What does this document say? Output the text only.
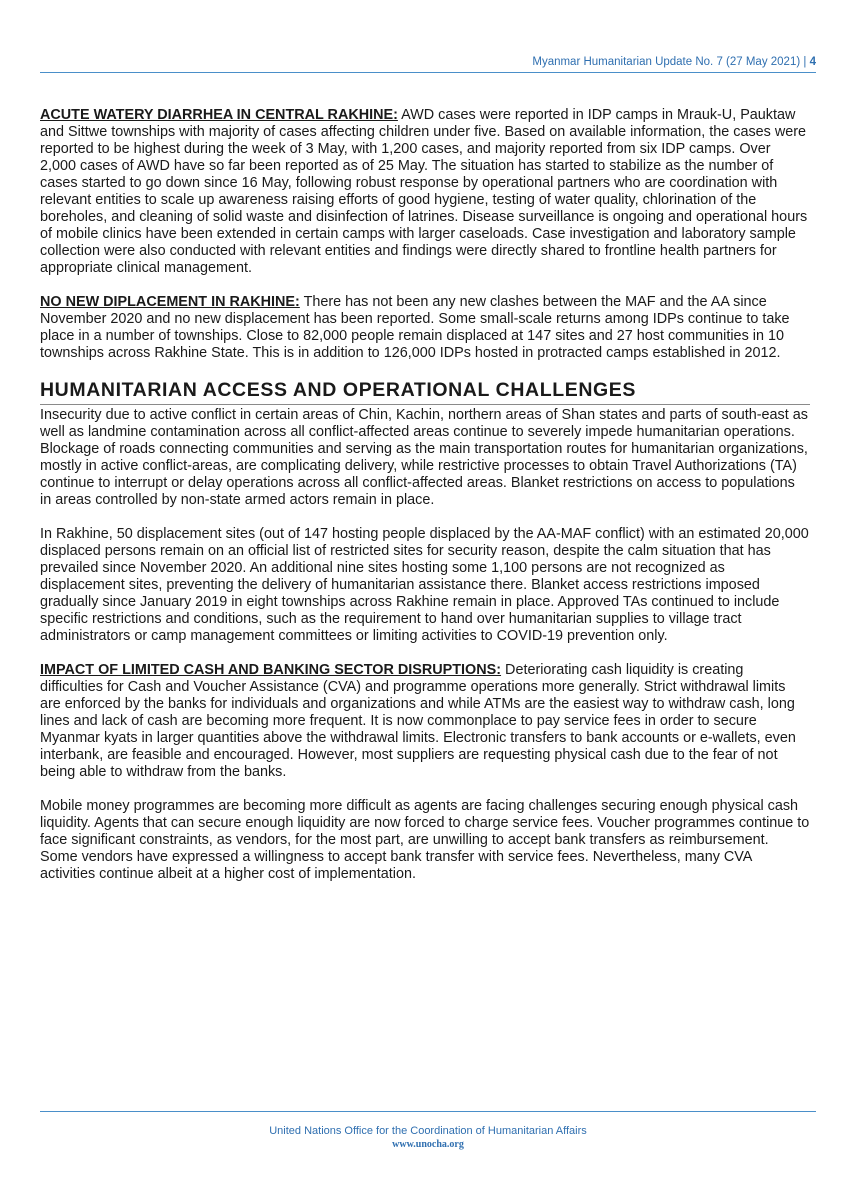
Myanmar Humanitarian Update No. 7 (27 May 2021) | 4

ACUTE WATERY DIARRHEA IN CENTRAL RAKHINE: AWD cases were reported in IDP camps in Mrauk-U, Pauktaw and Sittwe townships with majority of cases affecting children under five. Based on available information, the cases were reported to be highest during the week of 3 May, with 1,200 cases, and majority reported from six IDP camps. Over 2,000 cases of AWD have so far been reported as of 25 May. The situation has started to stabilize as the number of cases started to go down since 16 May, following robust response by operational partners who are coordination with relevant entities to scale up awareness raising efforts of good hygiene, testing of water quality, chlorination of the boreholes, and cleaning of solid waste and disinfection of latrines. Disease surveillance is ongoing and operational hours of mobile clinics have been extended in certain camps with larger caseloads. Case investigation and laboratory sample collection were also conducted with relevant entities and findings were directly shared to frontline health partners for appropriate clinical management.

NO NEW DIPLACEMENT IN RAKHINE: There has not been any new clashes between the MAF and the AA since November 2020 and no new displacement has been reported. Some small-scale returns among IDPs continue to take place in a number of townships. Close to 82,000 people remain displaced at 147 sites and 27 host communities in 10 townships across Rakhine State. This is in addition to 126,000 IDPs hosted in protracted camps established in 2012.

HUMANITARIAN ACCESS AND OPERATIONAL CHALLENGES

Insecurity due to active conflict in certain areas of Chin, Kachin, northern areas of Shan states and parts of south-east as well as landmine contamination across all conflict-affected areas continue to severely impede humanitarian operations. Blockage of roads connecting communities and serving as the main transportation routes for humanitarian organizations, mostly in active conflict-areas, are complicating delivery, while restrictive processes to obtain Travel Authorizations (TA) continue to interrupt or delay operations across all conflict-affected areas. Blanket restrictions on access to populations in areas controlled by non-state armed actors remain in place.

In Rakhine, 50 displacement sites (out of 147 hosting people displaced by the AA-MAF conflict) with an estimated 20,000 displaced persons remain on an official list of restricted sites for security reason, despite the calm situation that has prevailed since November 2020. An additional nine sites hosting some 1,100 persons are not recognized as displacement sites, preventing the delivery of humanitarian assistance there. Blanket access restrictions imposed gradually since January 2019 in eight townships across Rakhine remain in place. Approved TAs continued to include specific restrictions and conditions, such as the requirement to hand over humanitarian supplies to village tract administrators or camp management committees or limiting activities to COVID-19 prevention only.

IMPACT OF LIMITED CASH AND BANKING SECTOR DISRUPTIONS: Deteriorating cash liquidity is creating difficulties for Cash and Voucher Assistance (CVA) and programme operations more generally. Strict withdrawal limits are enforced by the banks for individuals and organizations and while ATMs are the easiest way to withdraw cash, long lines and lack of cash are becoming more frequent. It is now commonplace to pay service fees in order to secure Myanmar kyats in larger quantities above the withdrawal limits. Electronic transfers to bank accounts or e-wallets, even interbank, are feasible and encouraged. However, most suppliers are requesting physical cash due to the fear of not being able to withdraw from the banks.

Mobile money programmes are becoming more difficult as agents are facing challenges securing enough physical cash liquidity. Agents that can secure enough liquidity are now forced to charge service fees. Voucher programmes continue to face significant constraints, as vendors, for the most part, are unwilling to accept bank transfers as reimbursement. Some vendors have expressed a willingness to accept bank transfer with service fees. Nevertheless, many CVA activities continue albeit at a higher cost of implementation.

United Nations Office for the Coordination of Humanitarian Affairs
www.unocha.org
